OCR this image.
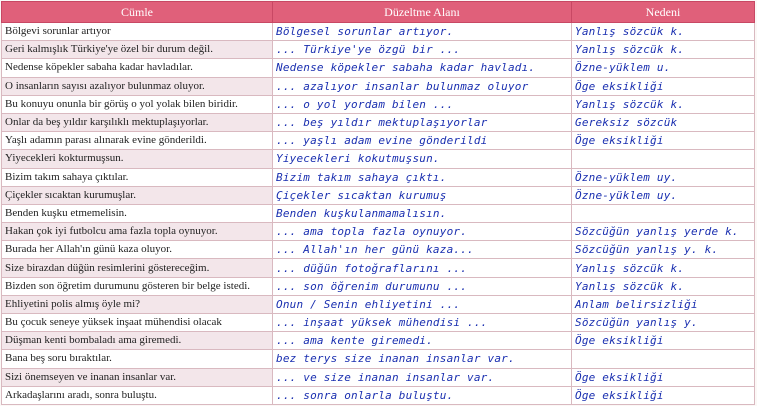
Cümle	Düzeltme Alanı	Nedeni
Bölgevi sorunlar artıyor	Bölgesel sorunlar artıyor.	Yanlış sözcük k.
Geri kalmışlık Türkiye'ye özel bir durum değil.	... Türkiye'ye özgü bir ...	Yanlış sözcük k.
Nedense köpekler sabaha kadar havladılar.	Nedense köpekler sabaha kadar havladı.	Özne-yüklem u.
O insanların sayısı azalıyor bulunmaz oluyor.	... azalıyor insanlar bulunmaz oluyor	Öge eksikliği
Bu konuyu onunla bir görüş o yol yolak bilen biridir.	... o yol yordam bilen ...	Yanlış sözcük k.
Onlar da beş yıldır karşılıklı mektuplaşıyorlar.	... beş yıldır mektuplaşıyorlar	Gereksiz sözcük
Yaşlı adamın parası alınarak evine gönderildi.	... yaşlı adam evine gönderildi	Öge eksikliği
Yiyecekleri kokturmuşsun.	Yiyecekleri kokutmuşsun.	
Bizim takım sahaya çıktılar.	Bizim takım sahaya çıktı.	Özne-yüklem uy.
Çiçekler sıcaktan kurumuşlar.	Çiçekler sıcaktan kurumuş	Özne-yüklem uy.
Benden kuşku etmemelisin.	Benden kuşkulanmamalısın.	
Hakan çok iyi futbolcu ama fazla topla oynuyor.	... ama topla fazla oynuyor.	Sözcüğün yanlış yerde k.
Burada her Allah'ın günü kaza oluyor.	... Allah'ın her günü kaza...	Sözcüğün yanlış y. k.
Size birazdan düğün resimlerini göstereceğim.	... düğün fotoğraflarını ...	Yanlış sözcük k.
Bizden son öğretim durumunu gösteren bir belge istedi.	... son öğrenim durumunu ...	Yanlış sözcük k.
Ehliyetini polis almış öyle mi?	Onun / Senin ehliyetini ...	Anlam belirsizliği
Bu çocuk seneye yüksek inşaat mühendisi olacak	... inşaat yüksek mühendisi ...	Sözcüğün yanlış y.
Düşman kenti bombaladı ama giremedi.	... ama kente giremedi.	Öge eksikliği
Bana beş soru bıraktılar.	bez terys size inanan insanlar var.	
Sizi önemseyen ve inanan insanlar var.	... ve size inanan insanlar var.	Öge eksikliği
Arkadaşlarını aradı, sonra buluştu.	... sonra onlarla buluştu.	Öge eksikliği
